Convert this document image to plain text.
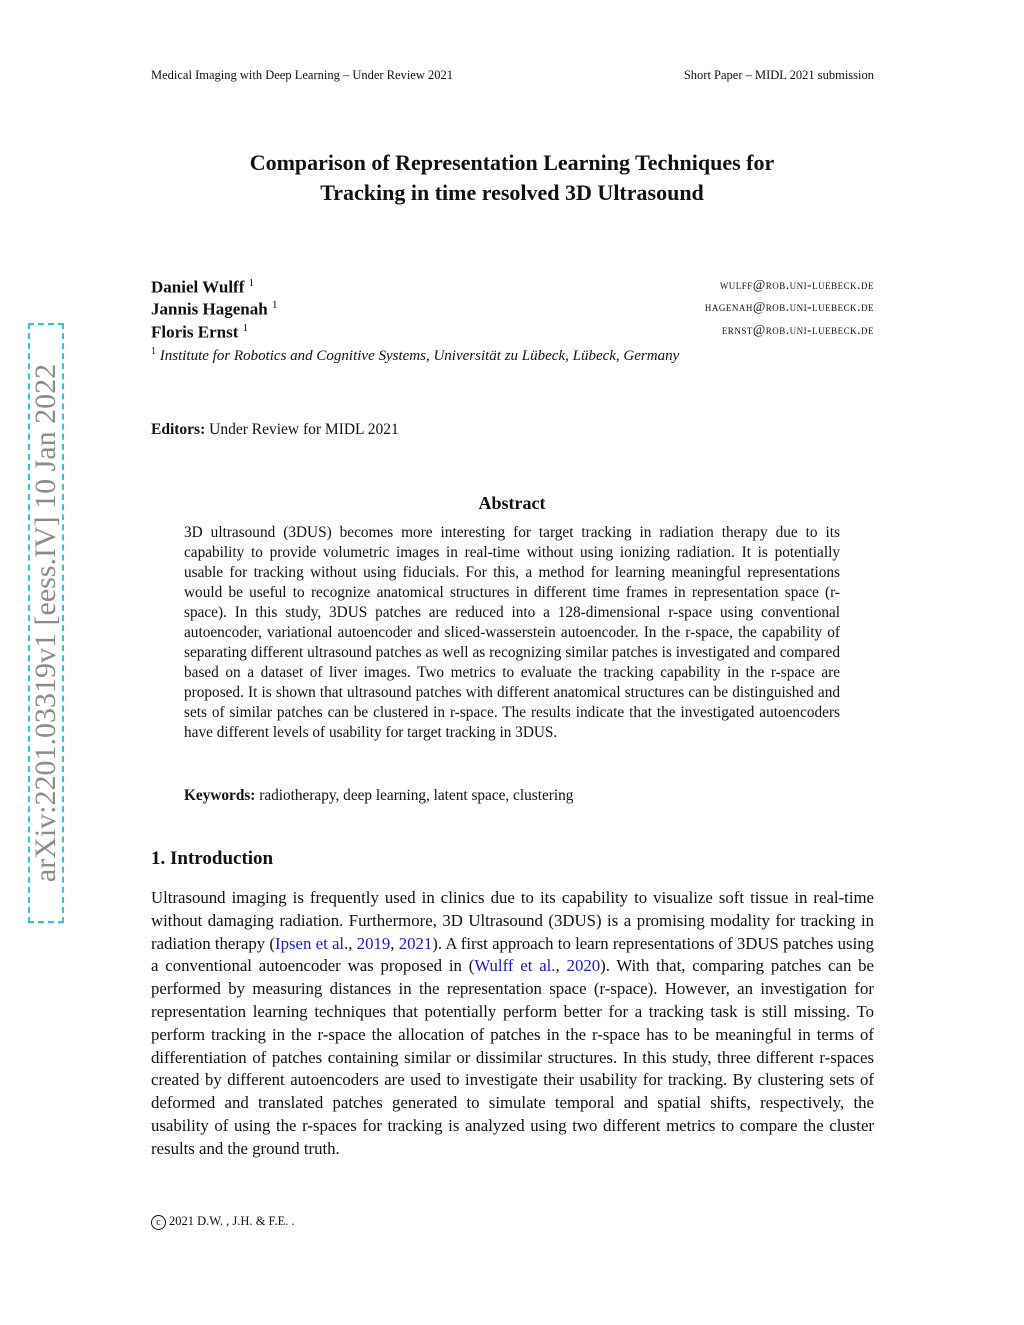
Medical Imaging with Deep Learning – Under Review 2021	Short Paper – MIDL 2021 submission
Comparison of Representation Learning Techniques for
Tracking in time resolved 3D Ultrasound
Daniel Wulff $^1$	wulff@rob.uni-luebeck.de
Jannis Hagenah $^1$	hagenah@rob.uni-luebeck.de
Floris Ernst $^1$	ernst@rob.uni-luebeck.de
$^1$ Institute for Robotics and Cognitive Systems, Universität zu Lübeck, Lübeck, Germany
Editors: Under Review for MIDL 2021
Abstract
3D ultrasound (3DUS) becomes more interesting for target tracking in radiation therapy due to its capability to provide volumetric images in real-time without using ionizing radiation. It is potentially usable for tracking without using fiducials. For this, a method for learning meaningful representations would be useful to recognize anatomical structures in different time frames in representation space (r-space). In this study, 3DUS patches are reduced into a 128-dimensional r-space using conventional autoencoder, variational autoencoder and sliced-wasserstein autoencoder. In the r-space, the capability of separating different ultrasound patches as well as recognizing similar patches is investigated and compared based on a dataset of liver images. Two metrics to evaluate the tracking capability in the r-space are proposed. It is shown that ultrasound patches with different anatomical structures can be distinguished and sets of similar patches can be clustered in r-space. The results indicate that the investigated autoencoders have different levels of usability for target tracking in 3DUS.
Keywords: radiotherapy, deep learning, latent space, clustering
1. Introduction
Ultrasound imaging is frequently used in clinics due to its capability to visualize soft tissue in real-time without damaging radiation. Furthermore, 3D Ultrasound (3DUS) is a promising modality for tracking in radiation therapy (Ipsen et al., 2019, 2021). A first approach to learn representations of 3DUS patches using a conventional autoencoder was proposed in (Wulff et al., 2020). With that, comparing patches can be performed by measuring distances in the representation space (r-space). However, an investigation for representation learning techniques that potentially perform better for a tracking task is still missing. To perform tracking in the r-space the allocation of patches in the r-space has to be meaningful in terms of differentiation of patches containing similar or dissimilar structures. In this study, three different r-spaces created by different autoencoders are used to investigate their usability for tracking. By clustering sets of deformed and translated patches generated to simulate temporal and spatial shifts, respectively, the usability of using the r-spaces for tracking is analyzed using two different metrics to compare the cluster results and the ground truth.
c 2021 D.W. , J.H. & F.E. .
arXiv:2201.03319v1 [eess.IV] 10 Jan 2022
